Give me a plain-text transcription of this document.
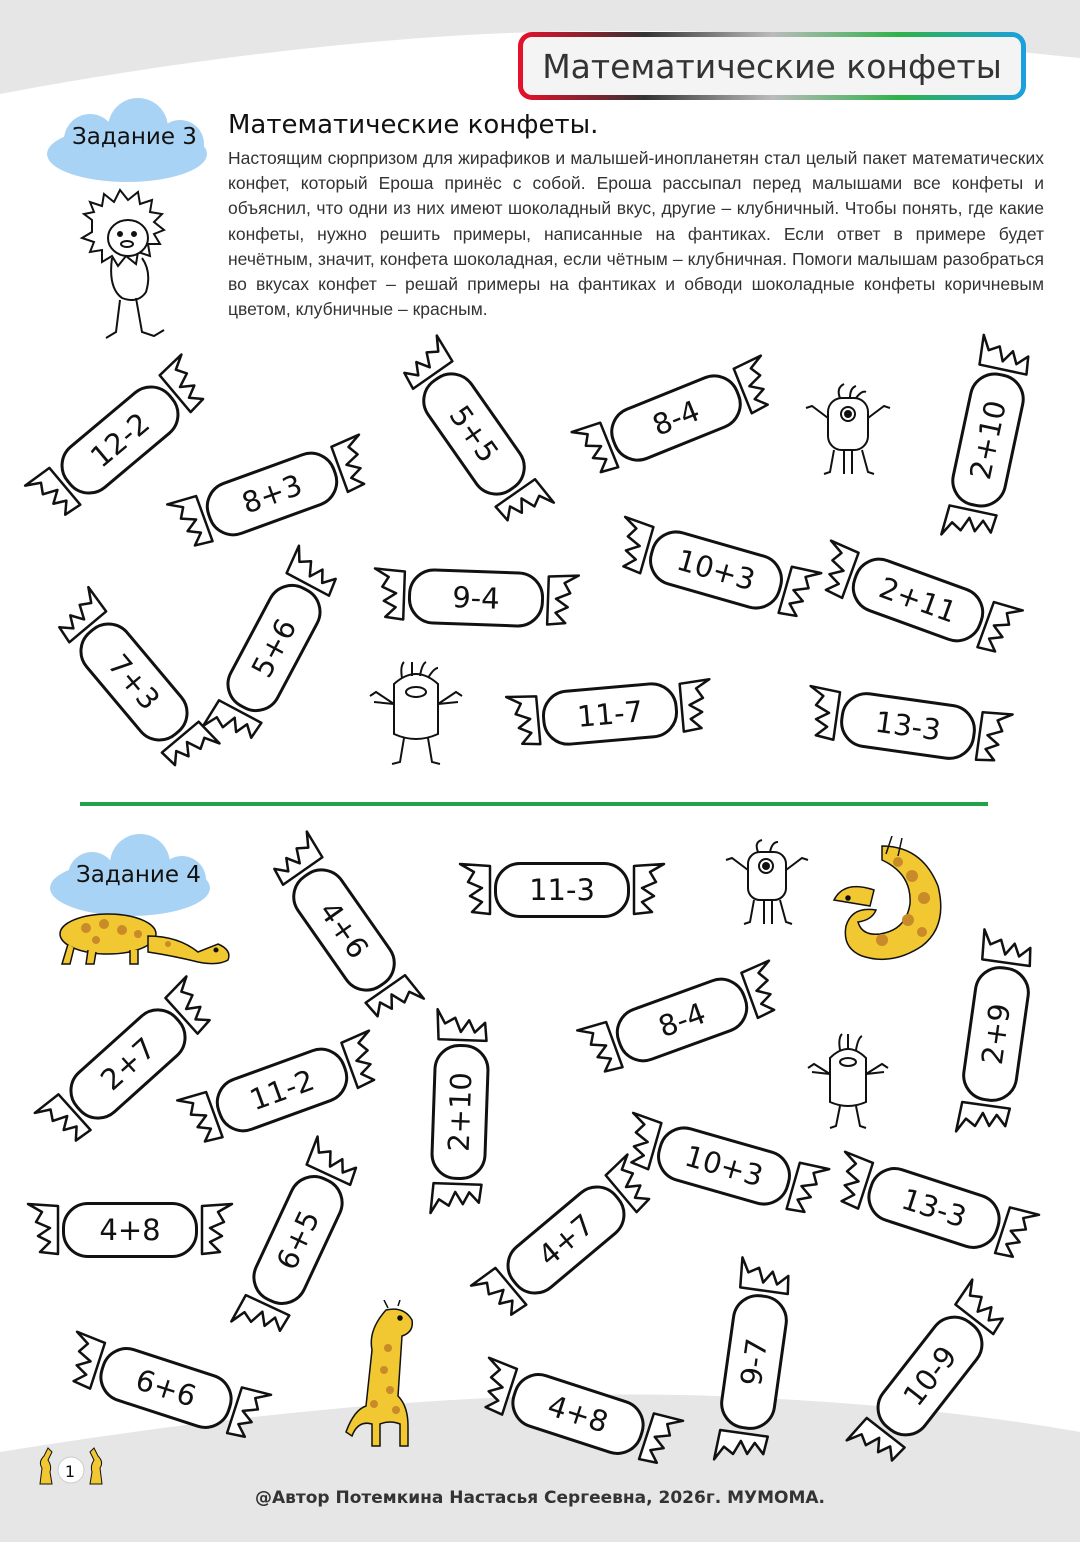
Математические конфеты
Задание 3 Математические конфеты.
Настоящим сюрпризом для жирафиков и малышей-инопланетян стал целый пакет математических конфет, который Ероша принёс с собой. Ероша рассыпал перед малышами все конфеты и объяснил, что одни из них имеют шоколадный вкус, другие – клубничный. Чтобы понять, где какие конфеты, нужно решить примеры, написанные на фантиках. Если ответ в примере будет нечётным, значит, конфета шоколадная, если чётным – клубничная. Помоги малышам разобраться во вкусах конфет – решай примеры на фантиках и обводи шоколадные конфеты коричневым цветом, клубничные – красным.
12-2
8+3
5+5	8-4	2+10
9-4
10+3
2+11
7+3	5+6
11-7	13-3
Задание 4	11-3
4+6
8-4	2+9
2+7	11-2	2+10
10+3
4+8	6+5	4+7	13-3
6+6
4+8
9-7	10-9
1
@Автор Потемкина Настасья Сергеевна, 2026г. МУМОМА.
